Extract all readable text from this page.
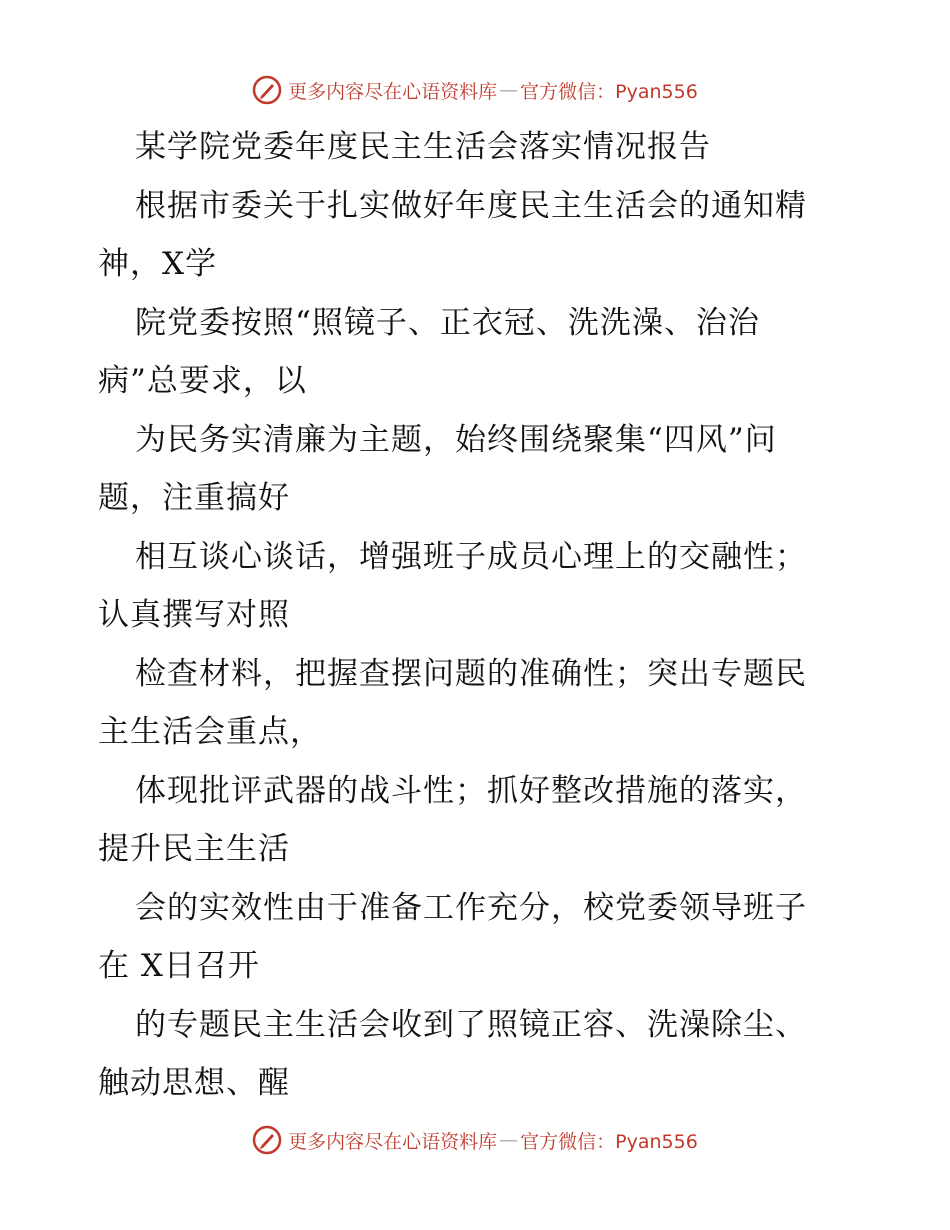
更多内容尽在心语资料库 — 官方微信：Pyan556
某学院党委年度民主生活会落实情况报告
根据市委关于扎实做好年度民主生活会的通知精
神，X学
院党委按照“照镜子、正衣冠、洗洗澡、治治
病”总要求，以
为民务实清廉为主题，始终围绕聚集“四风”问
题，注重搞好
相互谈心谈话，增强班子成员心理上的交融性；
认真撰写对照
检查材料，把握查摆问题的准确性；突出专题民
主生活会重点，
体现批评武器的战斗性；抓好整改措施的落实，
提升民主生活
会的实效性由于准备工作充分，校党委领导班子
在 X日召开
的专题民主生活会收到了照镜正容、洗澡除尘、
触动思想、醒
更多内容尽在心语资料库 — 官方微信：Pyan556
